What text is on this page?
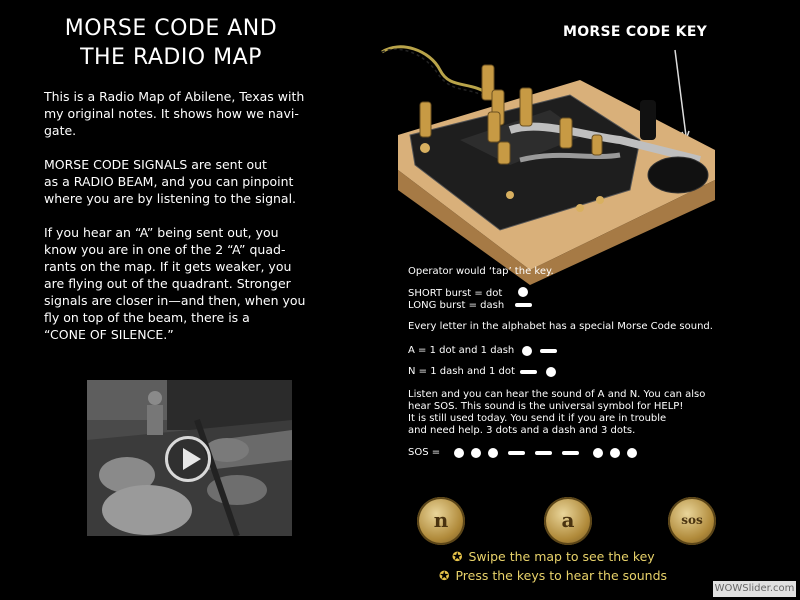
MORSE CODE AND
THE RADIO MAP

This is a Radio Map of Abilene, Texas with
my original notes. It shows how we navi-
gate.

MORSE CODE SIGNALS are sent out
as a RADIO BEAM, and you can pinpoint
where you are by listening to the signal.

If you hear an “A” being sent out, you
know you are in one of the 2 “A” quad-
rants on the map. If it gets weaker, you
are flying out of the quadrant. Stronger
signals are closer in—and then, when you
fly on top of the beam, there is a
“CONE OF SILENCE.”

MORSE CODE KEY
Operator would ‘tap’ the key.
SHORT burst = dot
LONG burst = dash
Every letter in the alphabet has a special Morse Code sound.
A = 1 dot and 1 dash
N = 1 dash and 1 dot
Listen and you can hear the sound of A and N. You can also
hear SOS. This sound is the universal symbol for HELP!
It is still used today. You send it if you are in trouble
and need help. 3 dots and a dash and 3 dots.
SOS =
n	a	sos
✪ Swipe the map to see the key
✪ Press the keys to hear the sounds
WOWSlider.com
